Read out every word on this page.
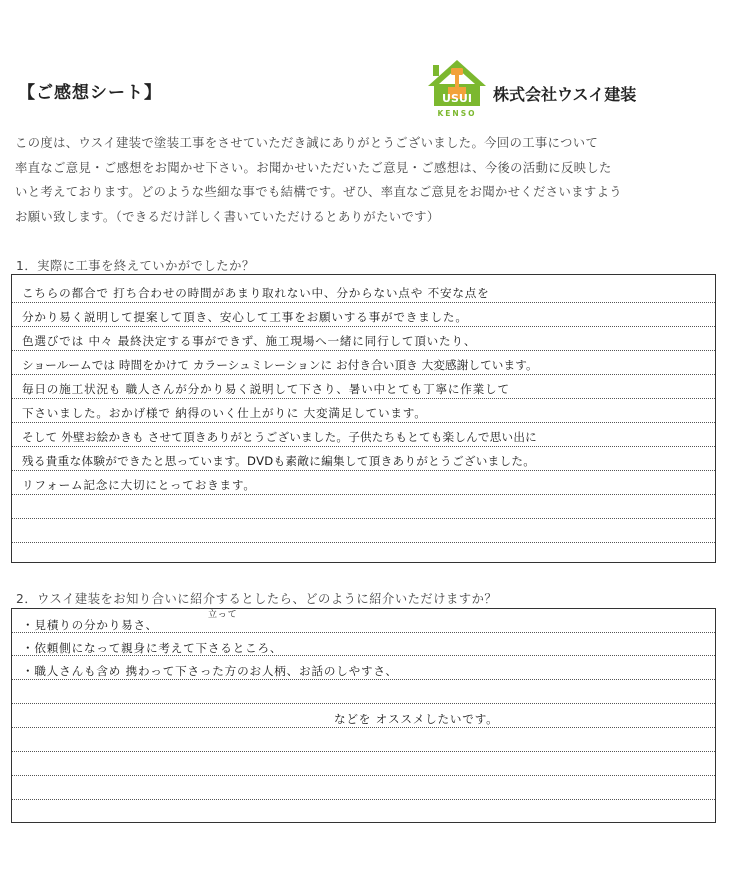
【ご感想シート】	USUI
KENSO
株式会社ウスイ建装
この度は、ウスイ建装で塗装工事をさせていただき誠にありがとうございました。今回の工事について
率直なご意見・ご感想をお聞かせ下さい。お聞かせいただいたご意見・ご感想は、今後の活動に反映した
いと考えております。どのような些細な事でも結構です。ぜひ、率直なご意見をお聞かせくださいますよう
お願い致します。（できるだけ詳しく書いていただけるとありがたいです）
1．実際に工事を終えていかがでしたか？
こちらの都合で 打ち合わせの時間があまり取れない中、分からない点や 不安な点を
分かり易く説明して提案して頂き、安心して工事をお願いする事ができました。
色選びでは 中々 最終決定する事ができず、施工現場へ一緒に同行して頂いたり、
ショールームでは 時間をかけて カラーシュミレーションに お付き合い頂き 大変感謝しています。
毎日の施工状況も 職人さんが分かり易く説明して下さり、暑い中とても丁寧に作業して
下さいました。おかげ様で 納得のいく仕上がりに 大変満足しています。
そして 外壁お絵かきも させて頂きありがとうございました。子供たちもとても楽しんで思い出に
残る貴重な体験ができたと思っています。DVDも素敵に編集して頂きありがとうございました。
リフォーム記念に大切にとっておきます。
2．ウスイ建装をお知り合いに紹介するとしたら、どのように紹介いただけますか？
立って
・見積りの分かり易さ、
・依頼側になって親身に考えて下さるところ、
・職人さんも含め 携わって下さった方のお人柄、お話のしやすさ、
などを オススメしたいです。
